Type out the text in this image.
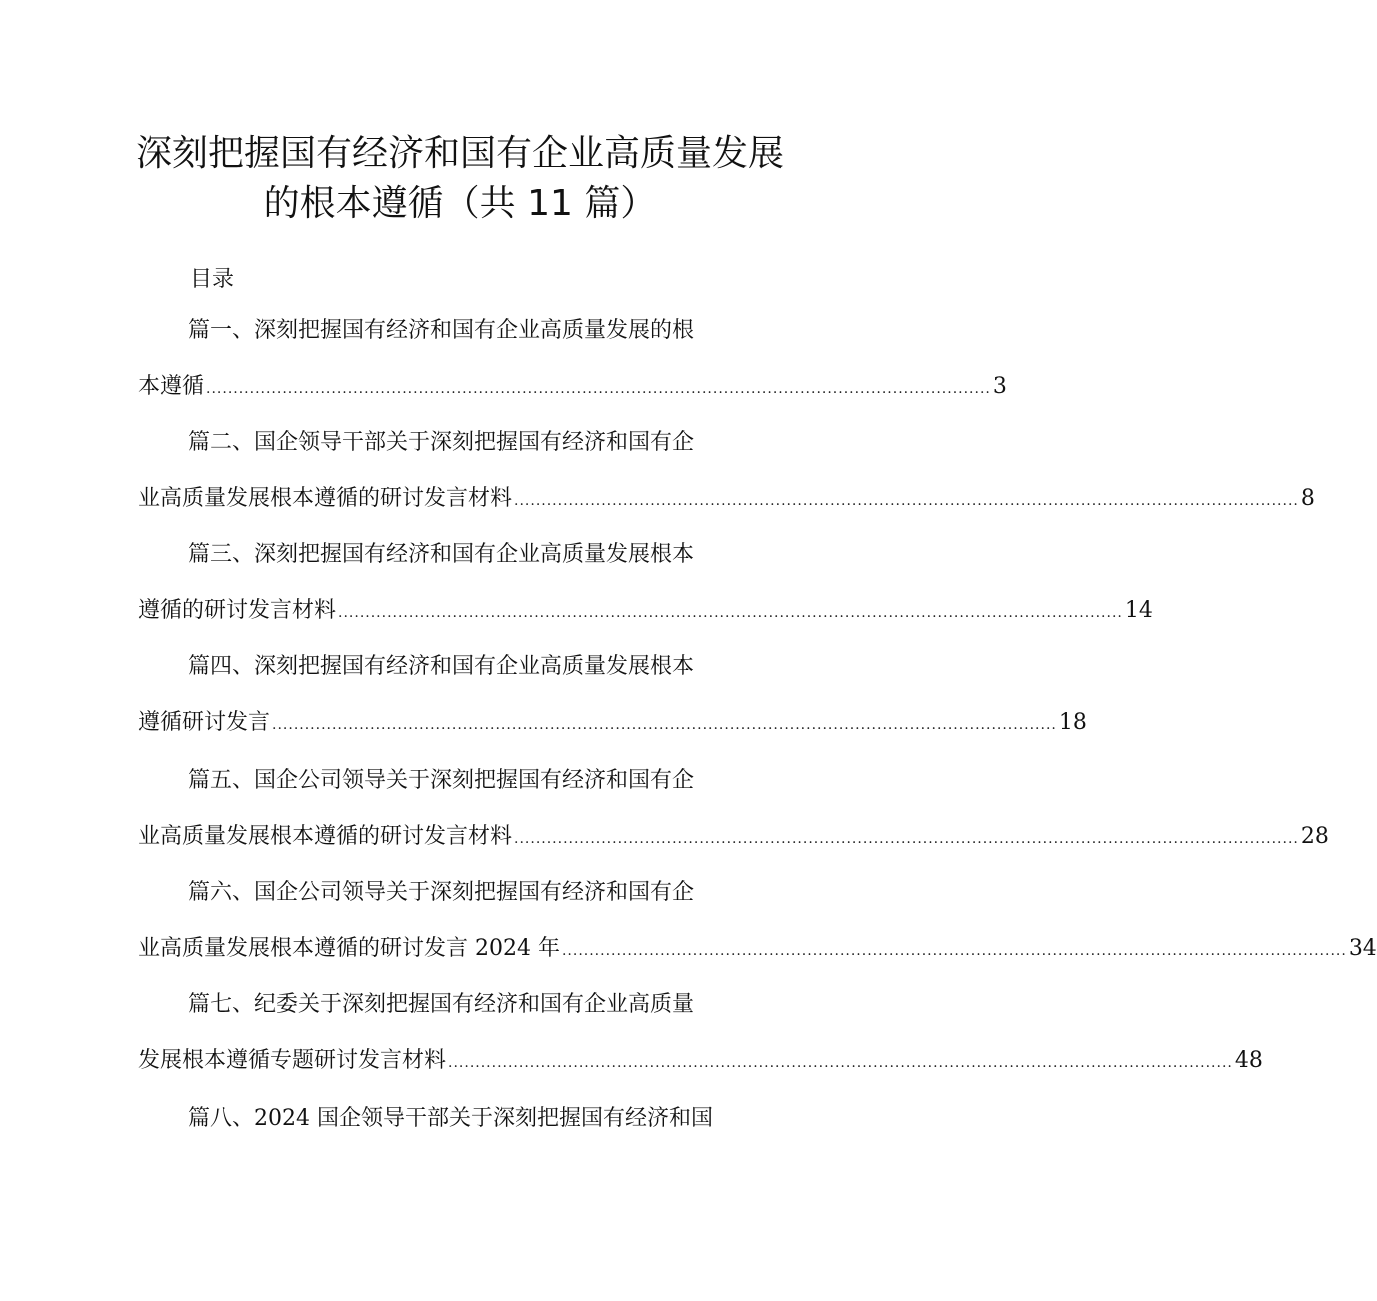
深刻把握国有经济和国有企业高质量发展
的根本遵循（共 11 篇）
目录
篇一、深刻把握国有经济和国有企业高质量发展的根
本遵循 ................................................................................................................................................ 3
篇二、国企领导干部关于深刻把握国有经济和国有企
业高质量发展根本遵循的研讨发言材料 ................................................................................................................................................ 8
篇三、深刻把握国有经济和国有企业高质量发展根本
遵循的研讨发言材料 ................................................................................................................................................ 14
篇四、深刻把握国有经济和国有企业高质量发展根本
遵循研讨发言 ................................................................................................................................................ 18
篇五、国企公司领导关于深刻把握国有经济和国有企
业高质量发展根本遵循的研讨发言材料 ................................................................................................................................................ 28
篇六、国企公司领导关于深刻把握国有经济和国有企
业高质量发展根本遵循的研讨发言 2024 年 ................................................................................................................................................ 34
篇七、纪委关于深刻把握国有经济和国有企业高质量
发展根本遵循专题研讨发言材料 ................................................................................................................................................ 48
篇八、2024 国企领导干部关于深刻把握国有经济和国
